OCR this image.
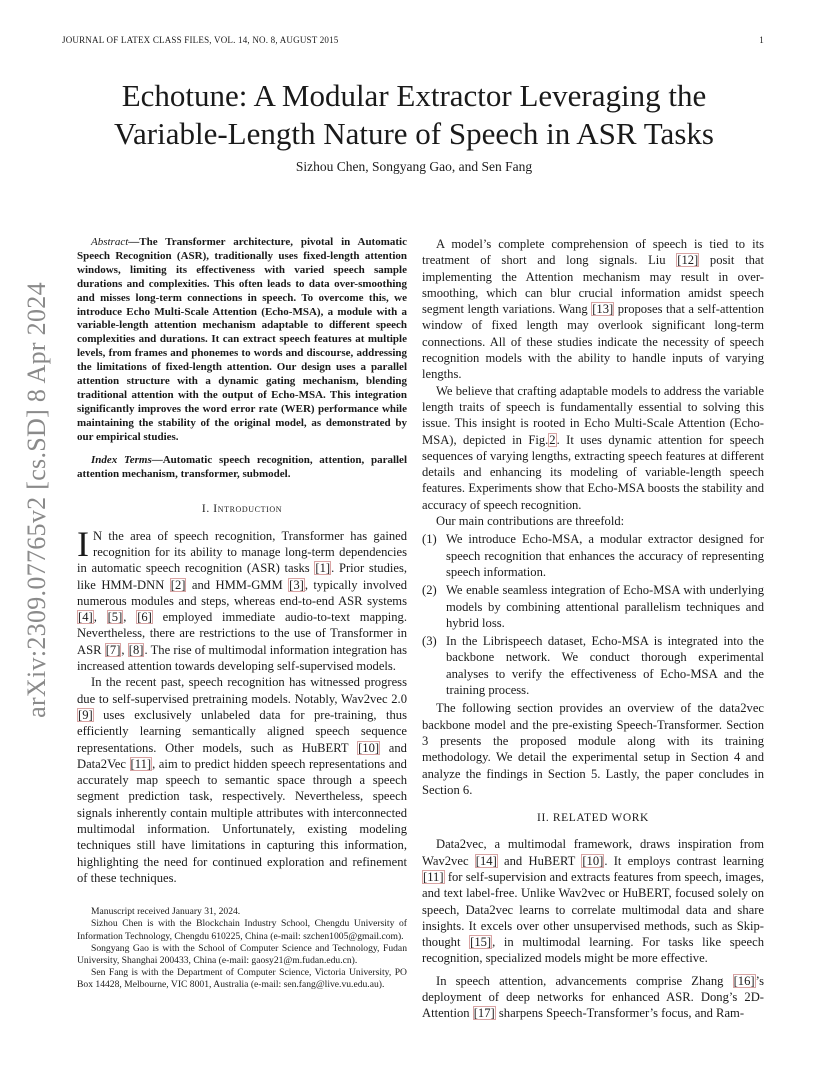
JOURNAL OF LATEX CLASS FILES, VOL. 14, NO. 8, AUGUST 2015	1
arXiv:2309.07765v2 [cs.SD] 8 Apr 2024
Echotune: A Modular Extractor Leveraging the
Variable-Length Nature of Speech in ASR Tasks
Sizhou Chen, Songyang Gao, and Sen Fang

Abstract—The Transformer architecture, pivotal in Automatic Speech Recognition (ASR), traditionally uses fixed-length attention windows, limiting its effectiveness with varied speech sample durations and complexities. This often leads to data over-smoothing and misses long-term connections in speech. To overcome this, we introduce Echo Multi-Scale Attention (Echo-MSA), a module with a variable-length attention mechanism adaptable to different speech complexities and durations. It can extract speech features at multiple levels, from frames and phonemes to words and discourse, addressing the limitations of fixed-length attention. Our design uses a parallel attention structure with a dynamic gating mechanism, blending traditional attention with the output of Echo-MSA. This integration significantly improves the word error rate (WER) performance while maintaining the stability of the original model, as demonstrated by our empirical studies.

Index Terms—Automatic speech recognition, attention, parallel attention mechanism, transformer, submodel.

I. Introduction

I N the area of speech recognition, Transformer has gained recognition for its ability to manage long-term dependencies in automatic speech recognition (ASR) tasks [1]. Prior studies, like HMM-DNN [2] and HMM-GMM [3], typically involved numerous modules and steps, whereas end-to-end ASR systems [4], [5], [6] employed immediate audio-to-text mapping. Nevertheless, there are restrictions to the use of Transformer in ASR [7], [8]. The rise of multimodal information integration has increased attention towards developing self-supervised models.

In the recent past, speech recognition has witnessed progress due to self-supervised pretraining models. Notably, Wav2vec 2.0 [9] uses exclusively unlabeled data for pre-training, thus efficiently learning semantically aligned speech sequence representations. Other models, such as HuBERT [10] and Data2Vec [11], aim to predict hidden speech representations and accurately map speech to semantic space through a speech segment prediction task, respectively. Nevertheless, speech signals inherently contain multiple attributes with interconnected multimodal information. Unfortunately, existing modeling techniques still have limitations in capturing this information, highlighting the need for continued exploration and refinement of these techniques.

Manuscript received January 31, 2024.

Sizhou Chen is with the Blockchain Industry School, Chengdu University of Information Technology, Chengdu 610225, China (e-mail: szchen1005@gmail.com).

Songyang Gao is with the School of Computer Science and Technology, Fudan University, Shanghai 200433, China (e-mail: gaosy21@m.fudan.edu.cn).

Sen Fang is with the Department of Computer Science, Victoria University, PO Box 14428, Melbourne, VIC 8001, Australia (e-mail: sen.fang@live.vu.edu.au).

A model’s complete comprehension of speech is tied to its treatment of short and long signals. Liu [12] posit that implementing the Attention mechanism may result in over-smoothing, which can blur crucial information amidst speech segment length variations. Wang [13] proposes that a self-attention window of fixed length may overlook significant long-term connections. All of these studies indicate the necessity of speech recognition models with the ability to handle inputs of varying lengths.

We believe that crafting adaptable models to address the variable length traits of speech is fundamentally essential to solving this issue. This insight is rooted in Echo Multi-Scale Attention (Echo-MSA), depicted in Fig.2. It uses dynamic attention for speech sequences of varying lengths, extracting speech features at different details and enhancing its modeling of variable-length speech features. Experiments show that Echo-MSA boosts the stability and accuracy of speech recognition.

Our main contributions are threefold:

(1) We introduce Echo-MSA, a modular extractor designed for speech recognition that enhances the accuracy of representing speech information.
(2) We enable seamless integration of Echo-MSA with underlying models by combining attentional parallelism techniques and hybrid loss.
(3) In the Librispeech dataset, Echo-MSA is integrated into the backbone network. We conduct thorough experimental analyses to verify the effectiveness of Echo-MSA and the training process.

The following section provides an overview of the data2vec backbone model and the pre-existing Speech-Transformer. Section 3 presents the proposed module along with its training methodology. We detail the experimental setup in Section 4 and analyze the findings in Section 5. Lastly, the paper concludes in Section 6.

II. RELATED WORK

Data2vec, a multimodal framework, draws inspiration from Wav2vec [14] and HuBERT [10]. It employs contrast learning [11] for self-supervision and extracts features from speech, images, and text label-free. Unlike Wav2vec or HuBERT, focused solely on speech, Data2vec learns to correlate multimodal data and share insights. It excels over other unsupervised methods, such as Skip-thought [15], in multimodal learning. For tasks like speech recognition, specialized models might be more effective.

In speech attention, advancements comprise Zhang [16]’s deployment of deep networks for enhanced ASR. Dong’s 2D-Attention [17] sharpens Speech-Transformer’s focus, and Ram-
